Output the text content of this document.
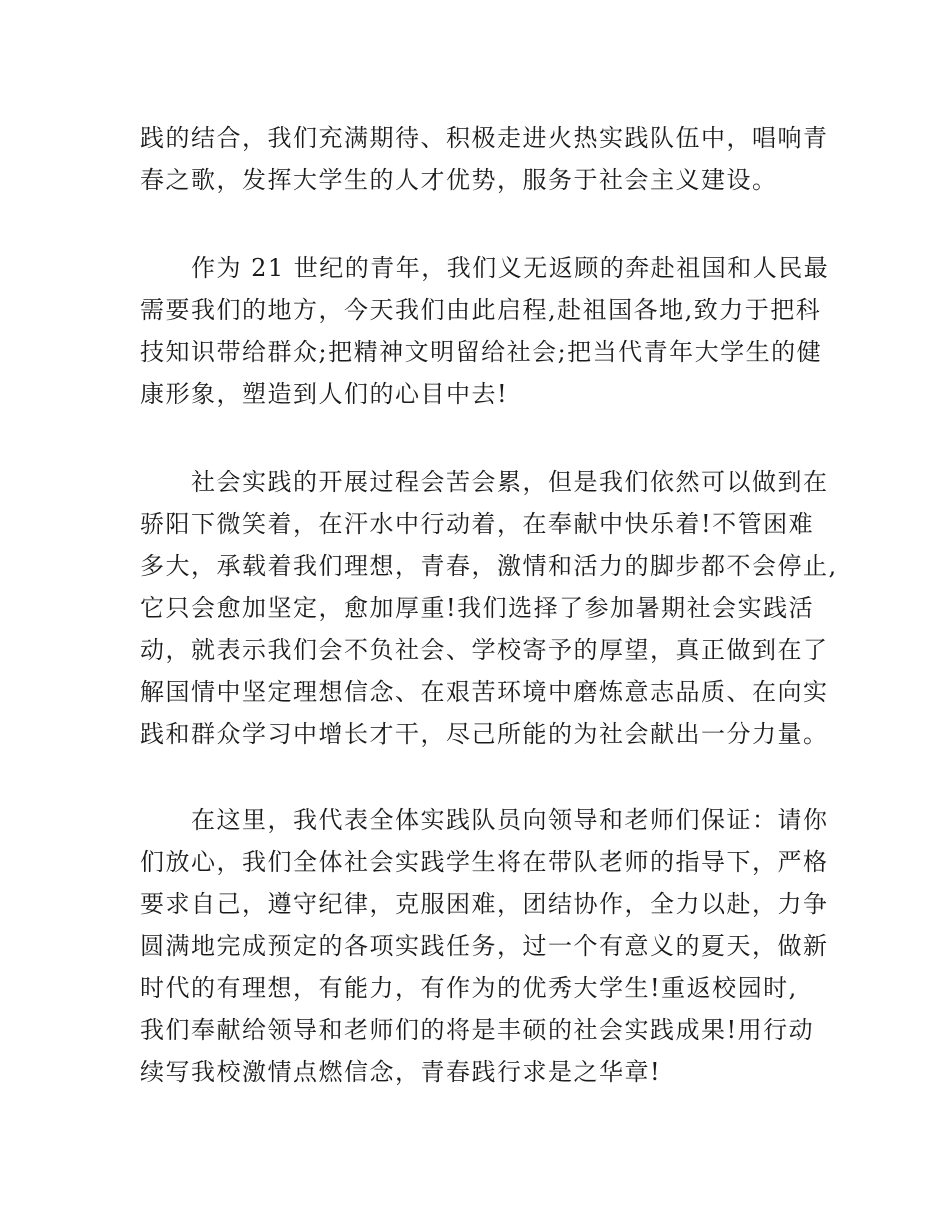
践的结合，我们充满期待、积极走进火热实践队伍中，唱响青
春之歌，发挥大学生的人才优势，服务于社会主义建设。
　　作为 21 世纪的青年，我们义无返顾的奔赴祖国和人民最
需要我们的地方，今天我们由此启程,赴祖国各地,致力于把科
技知识带给群众;把精神文明留给社会;把当代青年大学生的健
康形象，塑造到人们的心目中去!
　　社会实践的开展过程会苦会累，但是我们依然可以做到在
骄阳下微笑着，在汗水中行动着，在奉献中快乐着!不管困难
多大，承载着我们理想，青春，激情和活力的脚步都不会停止,
它只会愈加坚定，愈加厚重!我们选择了参加暑期社会实践活
动，就表示我们会不负社会、学校寄予的厚望，真正做到在了
解国情中坚定理想信念、在艰苦环境中磨炼意志品质、在向实
践和群众学习中增长才干，尽己所能的为社会献出一分力量。
　　在这里，我代表全体实践队员向领导和老师们保证：请你
们放心，我们全体社会实践学生将在带队老师的指导下，严格
要求自己，遵守纪律，克服困难，团结协作，全力以赴，力争
圆满地完成预定的各项实践任务，过一个有意义的夏天，做新
时代的有理想，有能力，有作为的优秀大学生!重返校园时,
我们奉献给领导和老师们的将是丰硕的社会实践成果!用行动
续写我校激情点燃信念，青春践行求是之华章!
